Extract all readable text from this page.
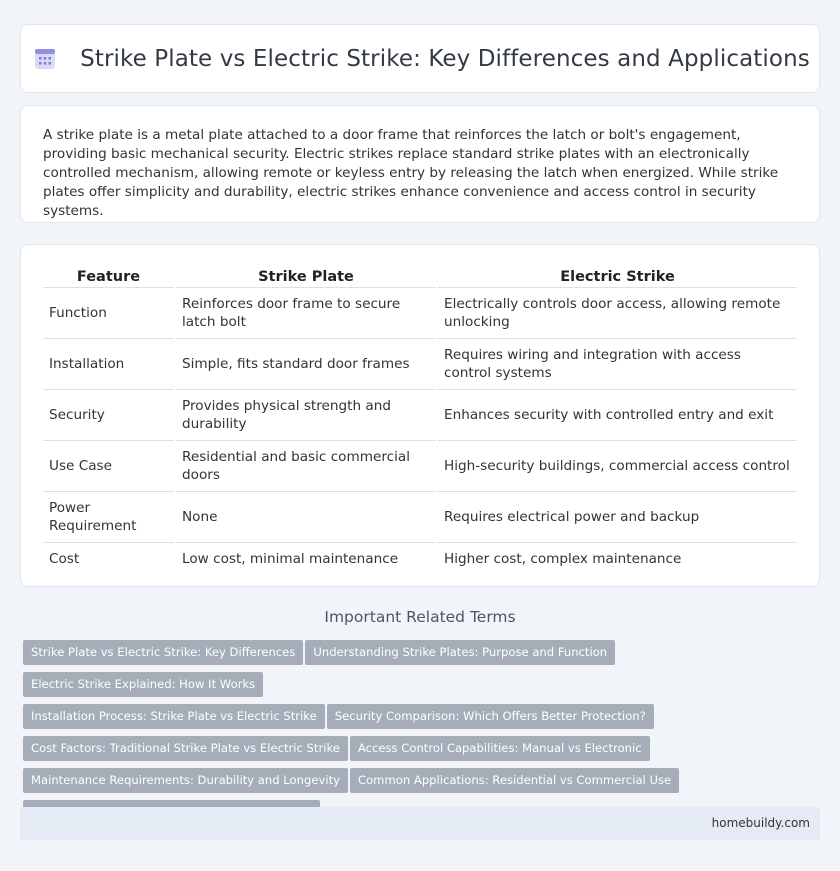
Strike Plate vs Electric Strike: Key Differences and Applications

A strike plate is a metal plate attached to a door frame that reinforces the latch or bolt's engagement, providing basic mechanical security. Electric strikes replace standard strike plates with an electronically controlled mechanism, allowing remote or keyless entry by releasing the latch when energized. While strike plates offer simplicity and durability, electric strikes enhance convenience and access control in security systems.

Feature	Strike Plate	Electric Strike
Function	Reinforces door frame to secure latch bolt	Electrically controls door access, allowing remote unlocking
Installation	Simple, fits standard door frames	Requires wiring and integration with access control systems
Security	Provides physical strength and durability	Enhances security with controlled entry and exit
Use Case	Residential and basic commercial doors	High-security buildings, commercial access control
Power Requirement	None	Requires electrical power and backup
Cost	Low cost, minimal maintenance	Higher cost, complex maintenance
Important Related Terms
Strike Plate vs Electric Strike: Key Differences Understanding Strike Plates: Purpose and FunctionElectric Strike Explained: How It Works
Installation Process: Strike Plate vs Electric Strike Security Comparison: Which Offers Better Protection?
Cost Factors: Traditional Strike Plate vs Electric Strike Access Control Capabilities: Manual vs Electronic
Maintenance Requirements: Durability and Longevity Common Applications: Residential vs Commercial Use

homebuildy.com
